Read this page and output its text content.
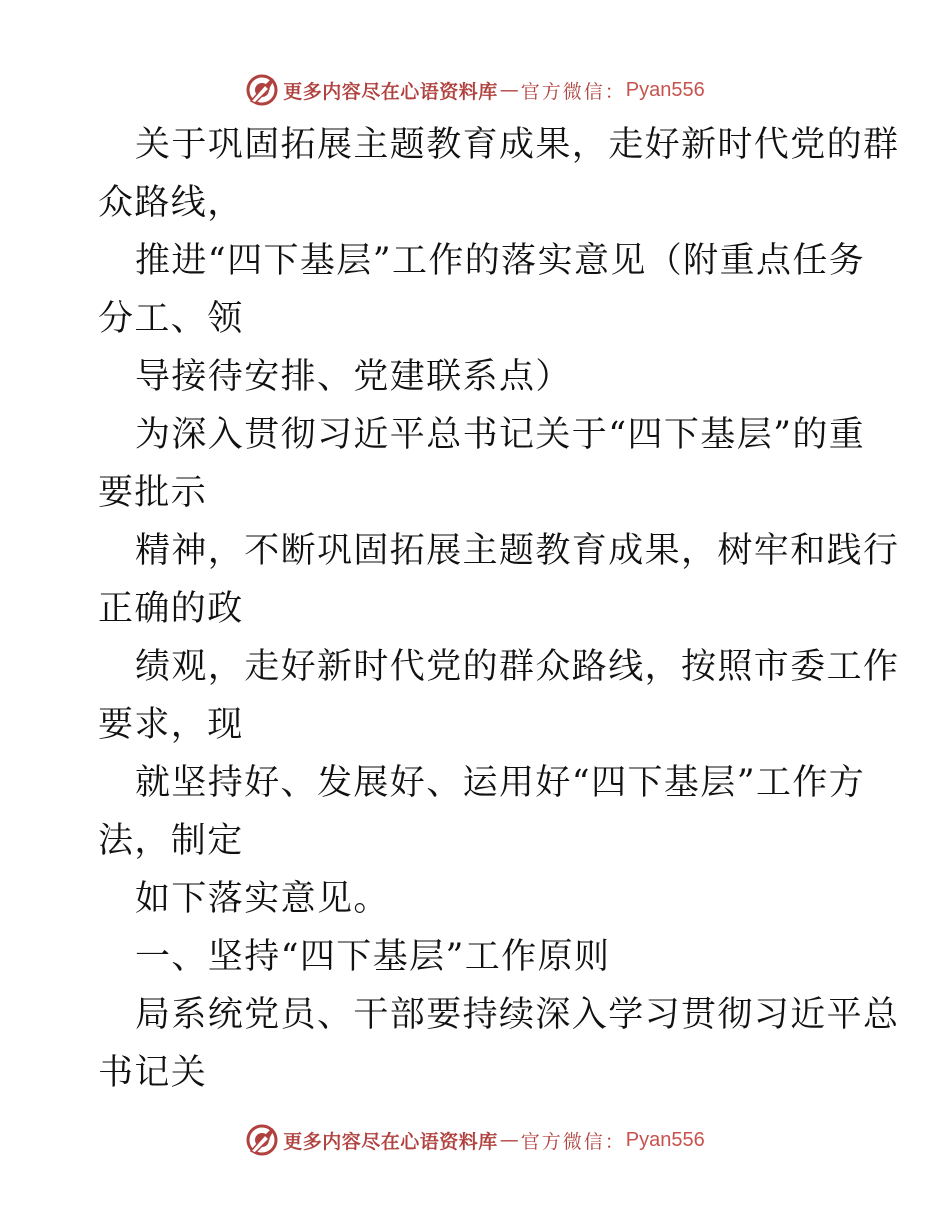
更多内容尽在心语资料库 — 官方微信： Pyan556
关于巩固拓展主题教育成果，走好新时代党的群
众路线，
推进“四下基层”工作的落实意见（附重点任务
分工、领
导接待安排、党建联系点）
为深入贯彻习近平总书记关于“四下基层”的重
要批示
精神，不断巩固拓展主题教育成果，树牢和践行
正确的政
绩观，走好新时代党的群众路线，按照市委工作
要求，现
就坚持好、发展好、运用好“四下基层”工作方
法，制定
如下落实意见。
一、坚持“四下基层”工作原则
局系统党员、干部要持续深入学习贯彻习近平总
书记关
更多内容尽在心语资料库 — 官方微信： Pyan556
